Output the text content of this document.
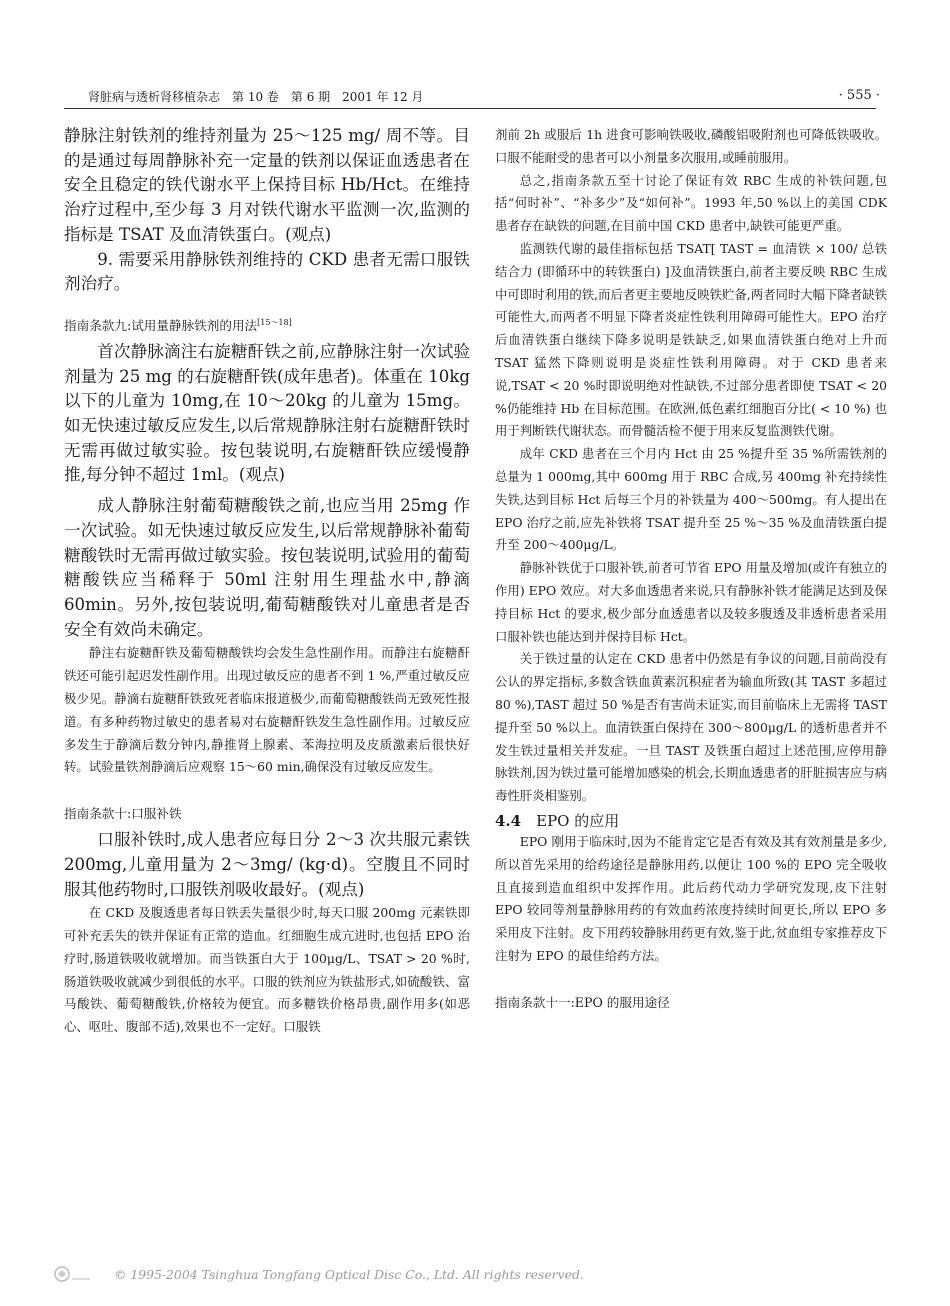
肾脏病与透析肾移植杂志　第 10 卷　第 6 期　2001 年 12 月	· 555 ·

静脉注射铁剂的维持剂量为 25～125 mg/ 周不等。目的是通过每周静脉补充一定量的铁剂以保证血透患者在安全且稳定的铁代谢水平上保持目标 Hb/Hct。在维持治疗过程中,至少每 3 月对铁代谢水平监测一次,监测的指标是 TSAT 及血清铁蛋白。(观点)

9. 需要采用静脉铁剂维持的 CKD 患者无需口服铁剂治疗。

指南条款九:试用量静脉铁剂的用法[15～18]

首次静脉滴注右旋糖酐铁之前,应静脉注射一次试验剂量为 25 mg 的右旋糖酐铁(成年患者)。体重在 10kg 以下的儿童为 10mg,在 10～20kg 的儿童为 15mg。如无快速过敏反应发生,以后常规静脉注射右旋糖酐铁时无需再做过敏实验。按包装说明,右旋糖酐铁应缓慢静推,每分钟不超过 1ml。(观点)

成人静脉注射葡萄糖酸铁之前,也应当用 25mg 作一次试验。如无快速过敏反应发生,以后常规静脉补葡萄糖酸铁时无需再做过敏实验。按包装说明,试验用的葡萄糖酸铁应当稀释于 50ml 注射用生理盐水中,静滴 60min。另外,按包装说明,葡萄糖酸铁对儿童患者是否安全有效尚未确定。

静注右旋糖酐铁及葡萄糖酸铁均会发生急性副作用。而静注右旋糖酐铁还可能引起迟发性副作用。出现过敏反应的患者不到 1 %,严重过敏反应极少见。静滴右旋糖酐铁致死者临床报道极少,而葡萄糖酸铁尚无致死性报道。有多种药物过敏史的患者易对右旋糖酐铁发生急性副作用。过敏反应多发生于静滴后数分钟内,静推肾上腺素、苯海拉明及皮质激素后很快好转。试验量铁剂静滴后应观察 15～60 min,确保没有过敏反应发生。

指南条款十:口服补铁

口服补铁时,成人患者应每日分 2～3 次共服元素铁 200mg,儿童用量为 2～3mg/ (kg·d)。空腹且不同时服其他药物时,口服铁剂吸收最好。(观点)

在 CKD 及腹透患者每日铁丢失量很少时,每天口服 200mg 元素铁即可补充丢失的铁并保证有正常的造血。红细胞生成亢进时,也包括 EPO 治疗时,肠道铁吸收就增加。而当铁蛋白大于 100μg/L、TSAT > 20 %时,肠道铁吸收就减少到很低的水平。口服的铁剂应为铁盐形式,如硫酸铁、富马酸铁、葡萄糖酸铁,价格较为便宜。而多糖铁价格昂贵,副作用多(如恶心、呕吐、腹部不适),效果也不一定好。口服铁

剂前 2h 或服后 1h 进食可影响铁吸收,磷酸铝吸附剂也可降低铁吸收。口服不能耐受的患者可以小剂量多次服用,或睡前服用。

总之,指南条款五至十讨论了保证有效 RBC 生成的补铁问题,包括“何时补”、“补多少”及“如何补”。1993 年,50 %以上的美国 CDK 患者存在缺铁的问题,在目前中国 CKD 患者中,缺铁可能更严重。

监测铁代谢的最佳指标包括 TSAT[ TAST = 血清铁 × 100/ 总铁结合力 (即循环中的转铁蛋白) ]及血清铁蛋白,前者主要反映 RBC 生成中可即时利用的铁,而后者更主要地反映铁贮备,两者同时大幅下降者缺铁可能性大,而两者不明显下降者炎症性铁利用障碍可能性大。EPO 治疗后血清铁蛋白继续下降多说明是铁缺乏,如果血清铁蛋白绝对上升而 TSAT 猛然下降则说明是炎症性铁利用障碍。对于 CKD 患者来说,TSAT < 20 %时即说明绝对性缺铁,不过部分患者即使 TSAT < 20 %仍能维持 Hb 在目标范围。在欧洲,低色素红细胞百分比( < 10 %) 也用于判断铁代谢状态。而骨髓活检不便于用来反复监测铁代谢。

成年 CKD 患者在三个月内 Hct 由 25 %提升至 35 %所需铁剂的总量为 1 000mg,其中 600mg 用于 RBC 合成,另 400mg 补充持续性失铁,达到目标 Hct 后每三个月的补铁量为 400～500mg。有人提出在 EPO 治疗之前,应先补铁将 TSAT 提升至 25 %～35 %及血清铁蛋白提升至 200～400μg/L。

静脉补铁优于口服补铁,前者可节省 EPO 用量及增加(或许有独立的作用) EPO 效应。对大多血透患者来说,只有静脉补铁才能满足达到及保持目标 Hct 的要求,极少部分血透患者以及较多腹透及非透析患者采用口服补铁也能达到并保持目标 Hct。

关于铁过量的认定在 CKD 患者中仍然是有争议的问题,目前尚没有公认的界定指标,多数含铁血黄素沉积症者为输血所致(其 TAST 多超过 80 %),TAST 超过 50 %是否有害尚未证实,而目前临床上无需将 TAST 提升至 50 %以上。血清铁蛋白保持在 300～800μg/L 的透析患者并不发生铁过量相关并发症。一旦 TAST 及铁蛋白超过上述范围,应停用静脉铁剂,因为铁过量可能增加感染的机会,长期血透患者的肝脏损害应与病毒性肝炎相鉴别。

4.4　 EPO 的应用

EPO 刚用于临床时,因为不能肯定它是否有效及其有效剂量是多少,所以首先采用的给药途径是静脉用药,以便让 100 %的 EPO 完全吸收且直接到造血组织中发挥作用。此后药代动力学研究发现,皮下注射 EPO 较同等剂量静脉用药的有效血药浓度持续时间更长,所以 EPO 多采用皮下注射。皮下用药较静脉用药更有效,鉴于此,贫血组专家推荐皮下注射为 EPO 的最佳给药方法。

指南条款十一:EPO 的服用途径

© 1995-2004 Tsinghua Tongfang Optical Disc Co., Ltd. All rights reserved.
